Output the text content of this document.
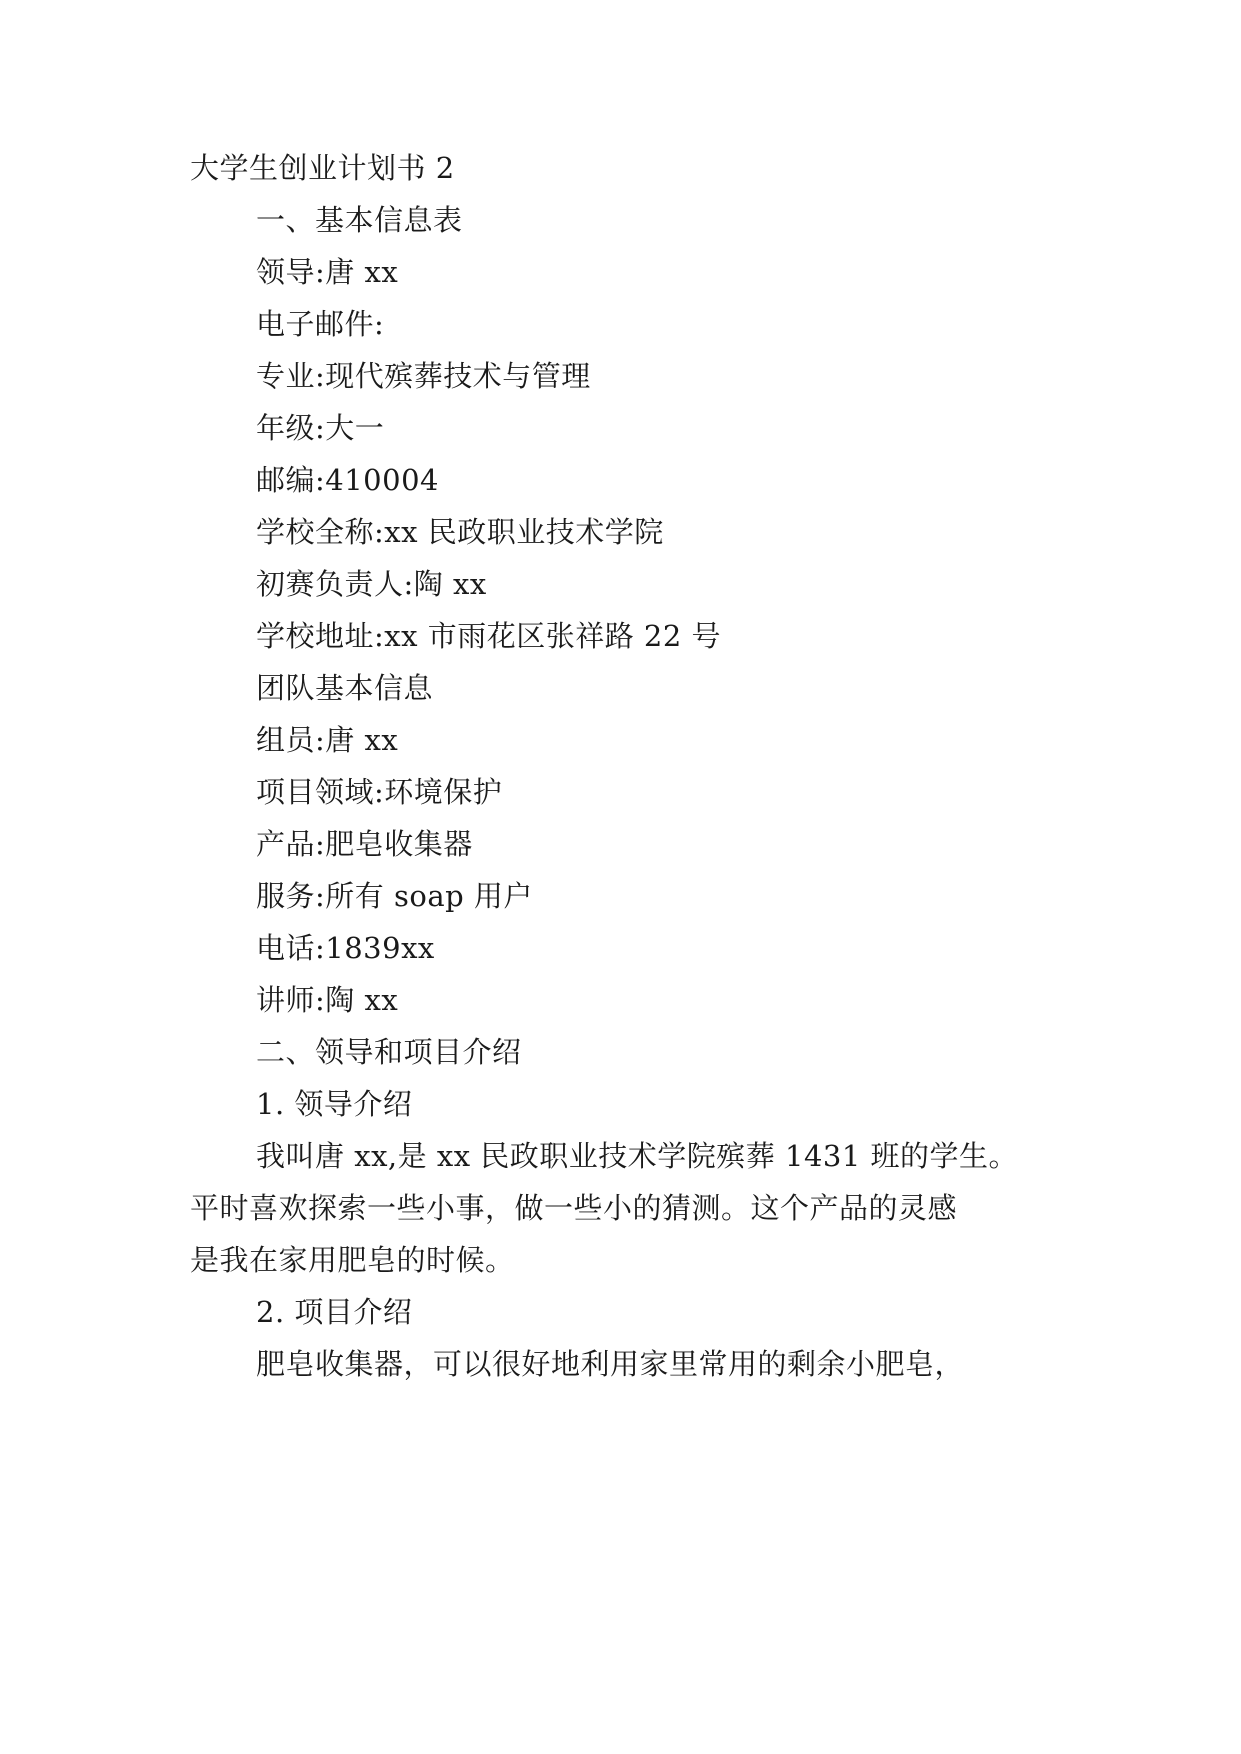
大学生创业计划书 2
一、基本信息表
领导:唐 xx
电子邮件:
专业:现代殡葬技术与管理
年级:大一
邮编:410004
学校全称:xx 民政职业技术学院
初赛负责人:陶 xx
学校地址:xx 市雨花区张祥路 22 号
团队基本信息
组员:唐 xx
项目领域:环境保护
产品:肥皂收集器
服务:所有 soap 用户
电话:1839xx
讲师:陶 xx
二、领导和项目介绍
1. 领导介绍
我叫唐 xx,是 xx 民政职业技术学院殡葬 1431 班的学生。
平时喜欢探索一些小事，做一些小的猜测。这个产品的灵感
是我在家用肥皂的时候。
2. 项目介绍
肥皂收集器，可以很好地利用家里常用的剩余小肥皂，
